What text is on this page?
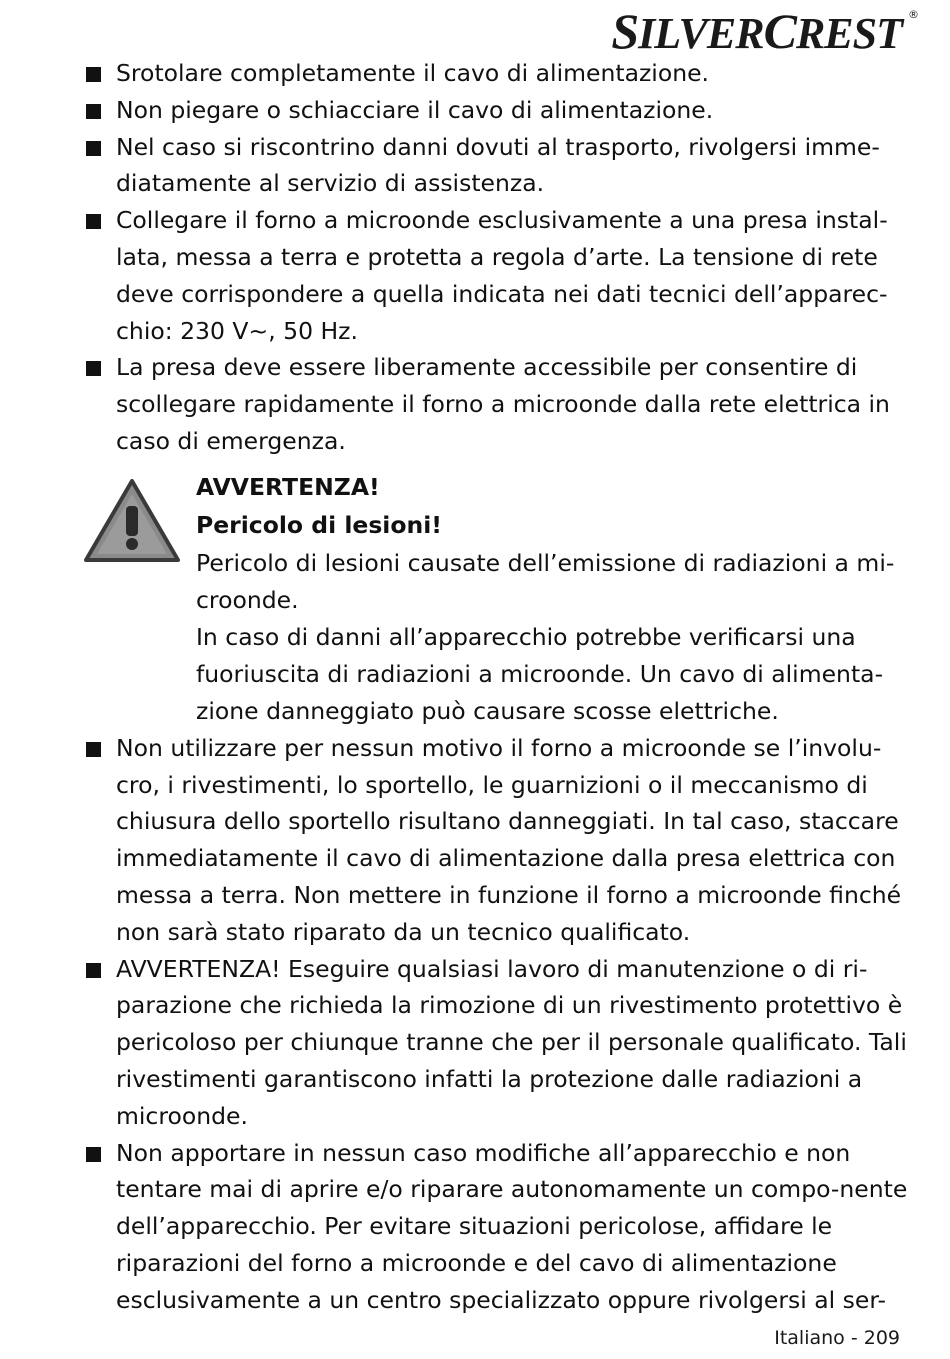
SILVERCREST ®
Srotolare completamente il cavo di alimentazione.
Non piegare o schiacciare il cavo di alimentazione.
Nel caso si riscontrino danni dovuti al trasporto, rivolgersi imme-diatamente al servizio di assistenza.
Collegare il forno a microonde esclusivamente a una presa instal-lata, messa a terra e protetta a regola d’arte. La tensione di rete deve corrispondere a quella indicata nei dati tecnici dell’apparec-chio: 230 V~, 50 Hz.
La presa deve essere liberamente accessibile per consentire di scollegare rapidamente il forno a microonde dalla rete elettrica in caso di emergenza.
AVVERTENZA!
Pericolo di lesioni!
Pericolo di lesioni causate dell’emissione di radiazioni a mi-croonde.
In caso di danni all’apparecchio potrebbe verificarsi una fuoriuscita di radiazioni a microonde. Un cavo di alimenta-zione danneggiato può causare scosse elettriche.
Non utilizzare per nessun motivo il forno a microonde se l’involu-cro, i rivestimenti, lo sportello, le guarnizioni o il meccanismo di chiusura dello sportello risultano danneggiati. In tal caso, staccare immediatamente il cavo di alimentazione dalla presa elettrica con messa a terra. Non mettere in funzione il forno a microonde finché non sarà stato riparato da un tecnico qualificato.
AVVERTENZA! Eseguire qualsiasi lavoro di manutenzione o di ri-parazione che richieda la rimozione di un rivestimento protettivo è pericoloso per chiunque tranne che per il personale qualificato. Tali rivestimenti garantiscono infatti la protezione dalle radiazioni a microonde.
Non apportare in nessun caso modifiche all’apparecchio e non tentare mai di aprire e/o riparare autonomamente un compo-nente dell’apparecchio. Per evitare situazioni pericolose, affidare le riparazioni del forno a microonde e del cavo di alimentazione esclusivamente a un centro specializzato oppure rivolgersi al ser-
Italiano - 209
